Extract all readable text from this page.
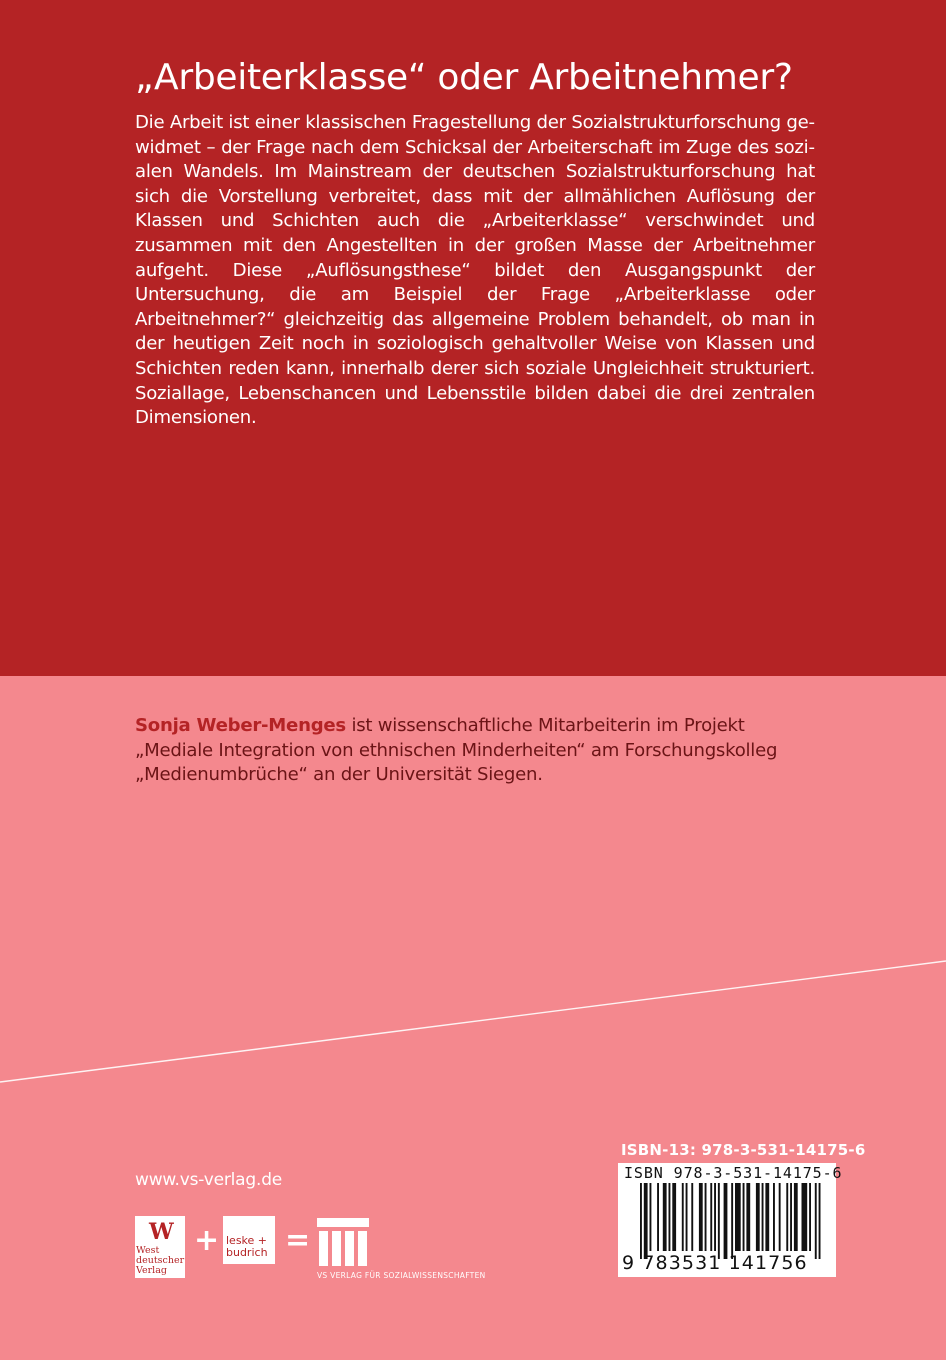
„Arbeiterklasse“ oder Arbeitnehmer?

Die Arbeit ist einer klassischen Fragestellung der Sozialstrukturforschung gewidmet – der Frage nach dem Schicksal der Arbeiterschaft im Zuge des sozialen Wandels. Im Mainstream der deutschen Sozialstrukturforschung hat sich die Vorstellung verbreitet, dass mit der allmählichen Auflösung der Klassen und Schichten auch die „Arbeiterklasse“ verschwindet und zusammen mit den Angestellten in der großen Masse der Arbeitnehmer aufgeht. Diese „Auflösungsthese“ bildet den Ausgangspunkt der Untersuchung, die am Beispiel der Frage „Arbeiterklasse oder Arbeitnehmer?“ gleichzeitig das allgemeine Problem behandelt, ob man in der heutigen Zeit noch in soziologisch gehaltvoller Weise von Klassen und Schichten reden kann, innerhalb derer sich soziale Ungleichheit strukturiert. Soziallage, Lebenschancen und Lebensstile bilden dabei die drei zentralen Dimensionen.

Sonja Weber-Menges ist wissenschaftliche Mitarbeiterin im Projekt
„Mediale Integration von ethnischen Minderheiten“ am Forschungskolleg
„Medienumbrüche“ an der Universität Siegen.

www.vs-verlag.de
W
West deutscher Verlag
+ leske + budrich =
VS VERLAG FÜR SOZIALWISSENSCHAFTEN
ISBN-13: 978-3-531-14175-6
ISBN 978-3-531-14175-6
9 783531 141756
